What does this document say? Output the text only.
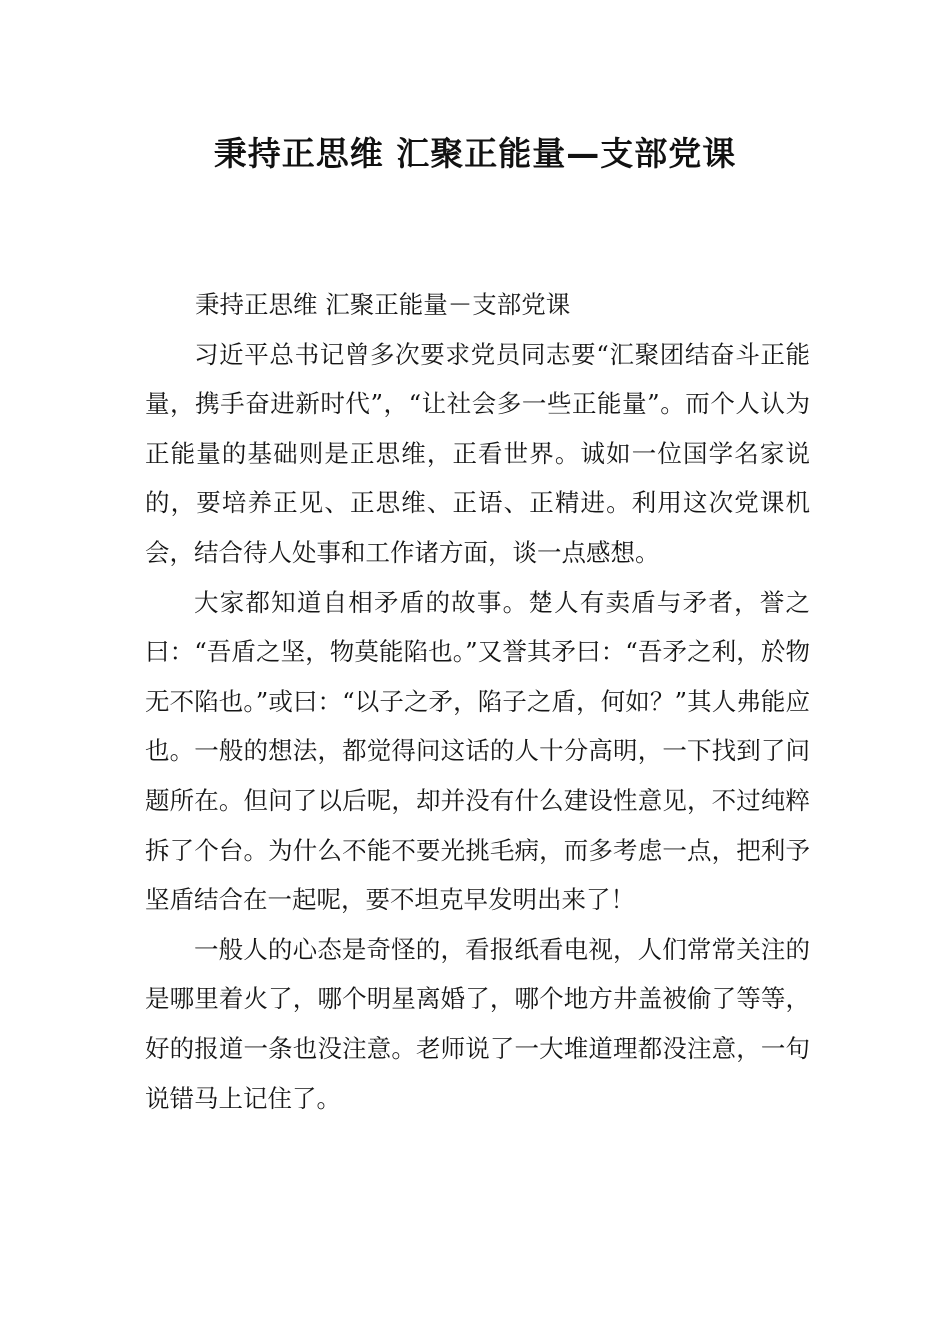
秉持正思维 汇聚正能量—支部党课

秉持正思维 汇聚正能量－支部党课

习近平总书记曾多次要求党员同志要“汇聚团结奋斗正能量，携手奋进新时代”，“让社会多一些正能量”。而个人认为正能量的基础则是正思维，正看世界。诚如一位国学名家说的，要培养正见、正思维、正语、正精进。利用这次党课机会，结合待人处事和工作诸方面，谈一点感想。

大家都知道自相矛盾的故事。楚人有卖盾与矛者，誉之曰：“吾盾之坚，物莫能陷也。”又誉其矛曰：“吾矛之利，於物无不陷也。”或曰：“以子之矛，陷子之盾，何如？”其人弗能应也。一般的想法，都觉得问这话的人十分高明，一下找到了问题所在。但问了以后呢，却并没有什么建设性意见，不过纯粹拆了个台。为什么不能不要光挑毛病，而多考虑一点，把利予坚盾结合在一起呢，要不坦克早发明出来了！

一般人的心态是奇怪的，看报纸看电视，人们常常关注的是哪里着火了，哪个明星离婚了，哪个地方井盖被偷了等等，好的报道一条也没注意。老师说了一大堆道理都没注意，一句说错马上记住了。
